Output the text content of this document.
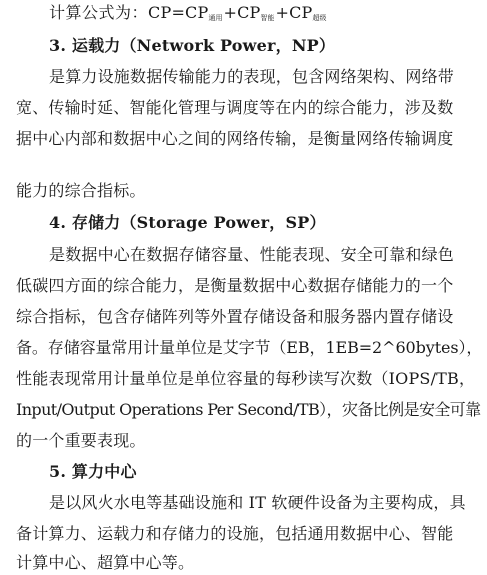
计算公式为：$CP=CP_{通用}+CP_{智能}+CP_{超级}$
3. 运载力（Network Power，NP）
是算力设施数据传输能力的表现，包含网络架构、网络带
宽、传输时延、智能化管理与调度等在内的综合能力，涉及数
据中心内部和数据中心之间的网络传输，是衡量网络传输调度
能力的综合指标。
4. 存储力（Storage Power，SP）
是数据中心在数据存储容量、性能表现、安全可靠和绿色
低碳四方面的综合能力，是衡量数据中心数据存储能力的一个
综合指标，包含存储阵列等外置存储设备和服务器内置存储设
备。存储容量常用计量单位是艾字节（EB，1EB=2^60bytes），
性能表现常用计量单位是单位容量的每秒读写次数（IOPS/TB，
Input/Output Operations Per Second/TB），灾备比例是安全可靠
的一个重要表现。
5. 算力中心
是以风火水电等基础设施和 IT 软硬件设备为主要构成，具
备计算力、运载力和存储力的设施，包括通用数据中心、智能
计算中心、超算中心等。
